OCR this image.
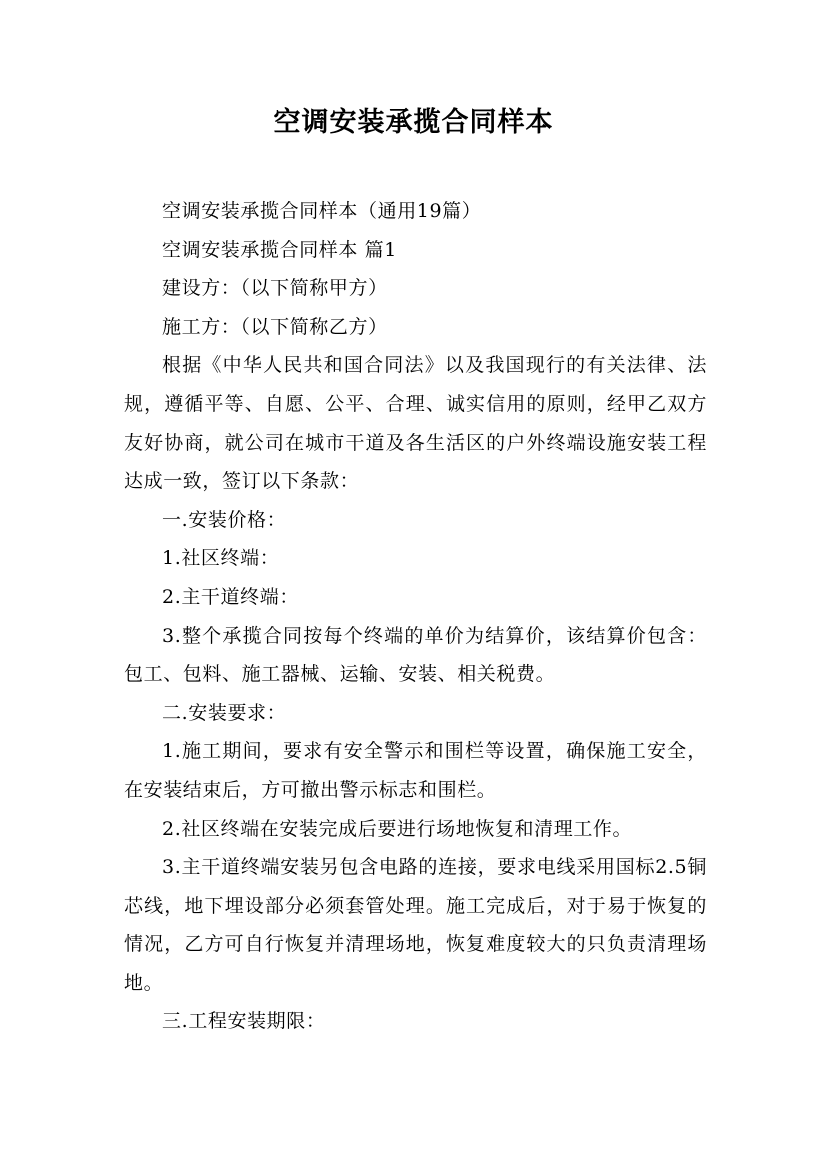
空调安装承揽合同样本

空调安装承揽合同样本（通用19篇）

空调安装承揽合同样本 篇1

建设方：（以下简称甲方）

施工方：（以下简称乙方）

根据《中华人民共和国合同法》以及我国现行的有关法律、法规，遵循平等、自愿、公平、合理、诚实信用的原则，经甲乙双方友好协商，就公司在城市干道及各生活区的户外终端设施安装工程达成一致，签订以下条款：

一.安装价格：

1.社区终端：

2.主干道终端：

3.整个承揽合同按每个终端的单价为结算价，该结算价包含：包工、包料、施工器械、运输、安装、相关税费。

二.安装要求：

1.施工期间，要求有安全警示和围栏等设置，确保施工安全，在安装结束后，方可撤出警示标志和围栏。

2.社区终端在安装完成后要进行场地恢复和清理工作。

3.主干道终端安装另包含电路的连接，要求电线采用国标2.5铜芯线，地下埋设部分必须套管处理。施工完成后，对于易于恢复的情况，乙方可自行恢复并清理场地，恢复难度较大的只负责清理场地。

三.工程安装期限：
